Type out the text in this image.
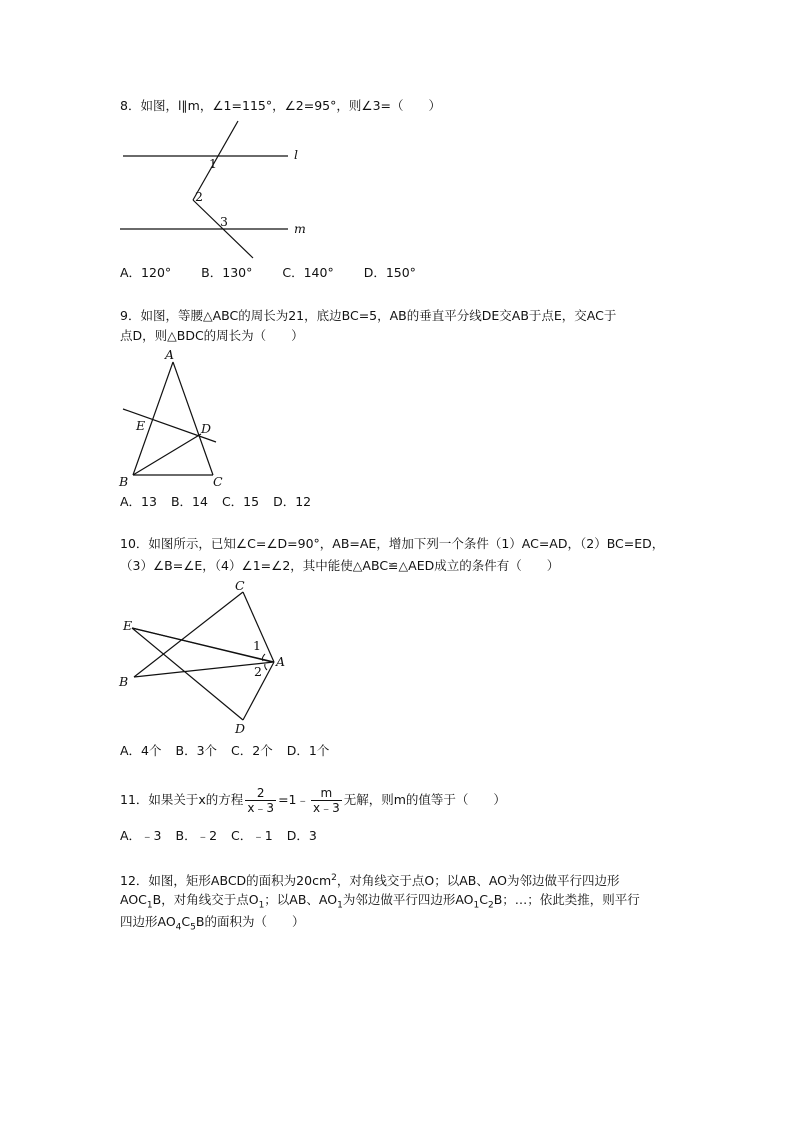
8．如图，l∥m，∠1=115°，∠2=95°，则∠3=（　　）
l
m
1
2
3
A．120° B．130° C．140° D．150°
9．如图，等腰△ABC的周长为21，底边BC=5，AB的垂直平分线DE交AB于点E，交AC于
点D，则△BDC的周长为（　　）
A
E	D
B	C
A．13 B．14 C．15 D．12
10．如图所示，已知∠C=∠D=90°，AB=AE，增加下列一个条件（1）AC=AD，（2）BC=ED，
（3）∠B=∠E，（4）∠1=∠2，其中能使△ABC≌△AED成立的条件有（　　）
C
E
1
A
2
B
D
A．4个 B．3个 C．2个 D．1个
11．如果关于x的方程 $\frac{2}{x﹣3}$ =1﹣ $\frac{m}{x﹣3}$ 无解，则m的值等于（　　）
A．﹣3 B．﹣2 C．﹣1 D．3
12．如图，矩形ABCD的面积为$20cm^2$，对角线交于点O；以AB、AO为邻边做平行四边形
$AOC_1B$，对角线交于点$O_1$；以AB、$AO_1$为邻边做平行四边形$AO_1C_2B$；…；依此类推，则平行
四边形$AO_4C_5B$的面积为（　　）
